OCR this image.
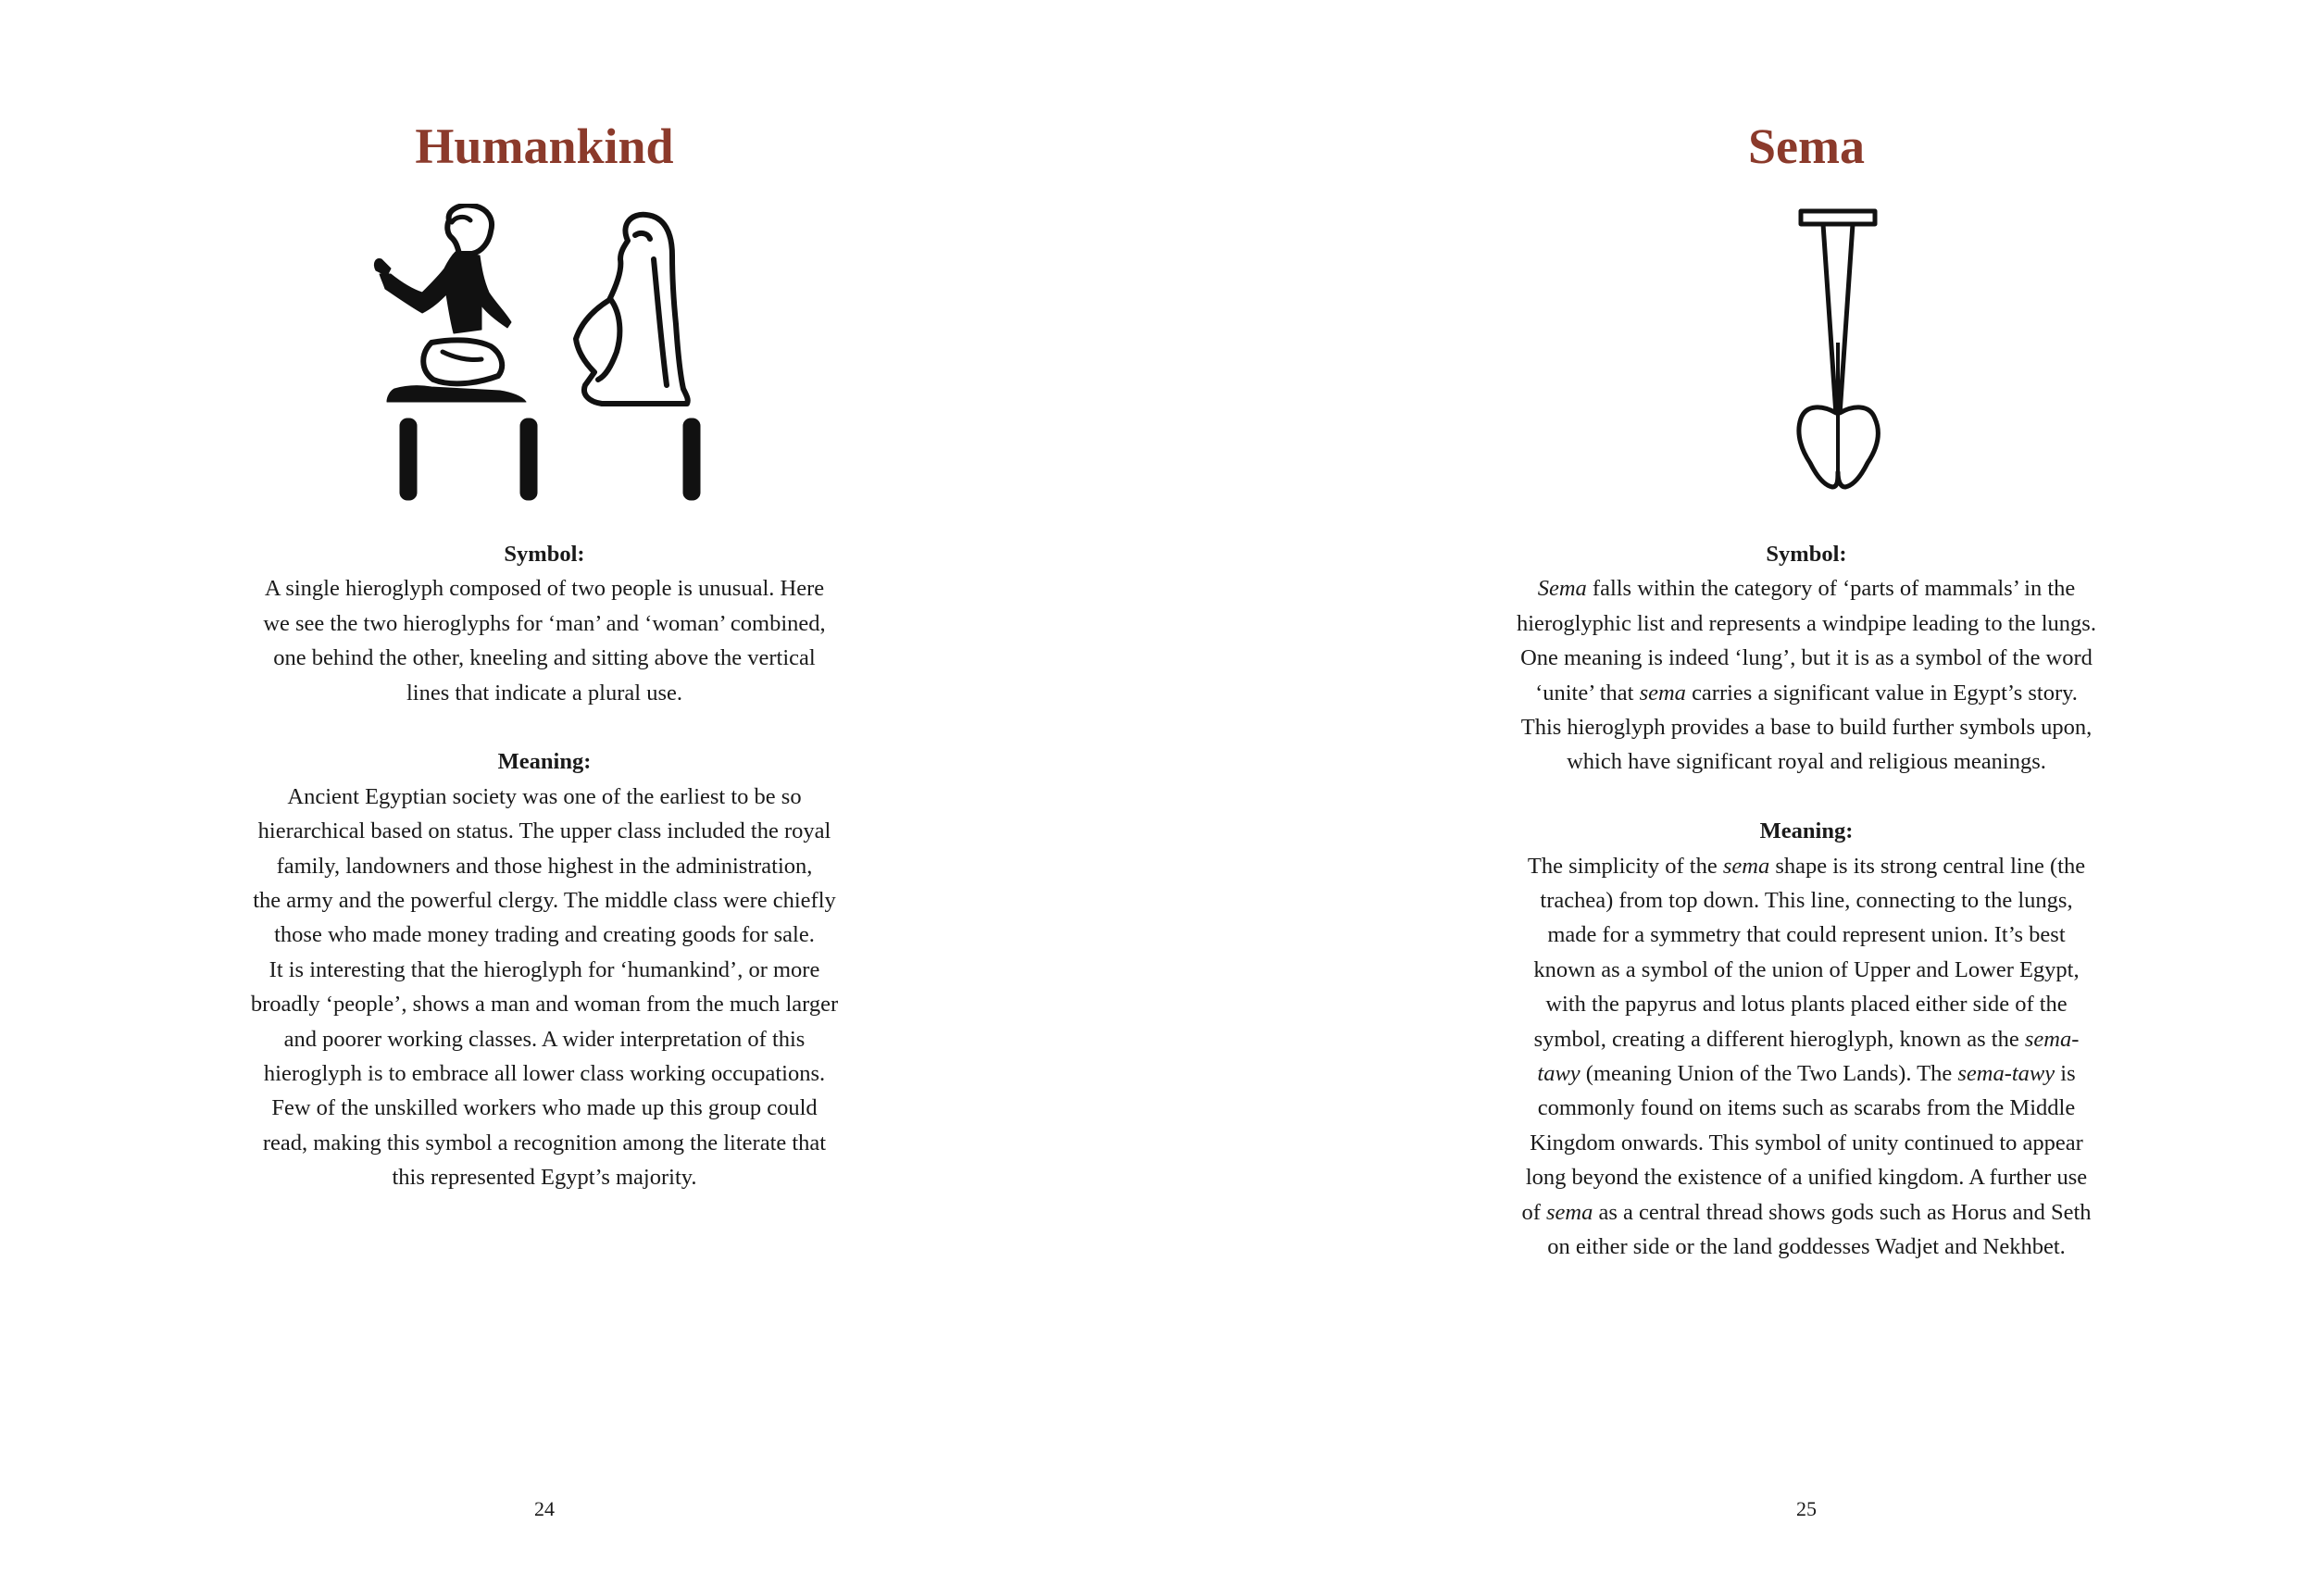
Humankind
Symbol:
A single hieroglyph composed of two people is unusual. Here
we see the two hieroglyphs for ‘man’ and ‘woman’ combined,
one behind the other, kneeling and sitting above the vertical
lines that indicate a plural use.
Meaning:
Ancient Egyptian society was one of the earliest to be so
hierarchical based on status. The upper class included the royal
family, landowners and those highest in the administration,
the army and the powerful clergy. The middle class were chiefly
those who made money trading and creating goods for sale.
It is interesting that the hieroglyph for ‘humankind’, or more
broadly ‘people’, shows a man and woman from the much larger
and poorer working classes. A wider interpretation of this
hieroglyph is to embrace all lower class working occupations.
Few of the unskilled workers who made up this group could
read, making this symbol a recognition among the literate that
this represented Egypt’s majority.
24
Sema
Symbol:
Sema falls within the category of ‘parts of mammals’ in the
hieroglyphic list and represents a windpipe leading to the lungs.
One meaning is indeed ‘lung’, but it is as a symbol of the word
‘unite’ that sema carries a significant value in Egypt’s story.
This hieroglyph provides a base to build further symbols upon,
which have significant royal and religious meanings.
Meaning:
The simplicity of the sema shape is its strong central line (the
trachea) from top down. This line, connecting to the lungs,
made for a symmetry that could represent union. It’s best
known as a symbol of the union of Upper and Lower Egypt,
with the papyrus and lotus plants placed either side of the
symbol, creating a different hieroglyph, known as the sema-
tawy (meaning Union of the Two Lands). The sema-tawy is
commonly found on items such as scarabs from the Middle
Kingdom onwards. This symbol of unity continued to appear
long beyond the existence of a unified kingdom. A further use
of sema as a central thread shows gods such as Horus and Seth
on either side or the land goddesses Wadjet and Nekhbet.
25
